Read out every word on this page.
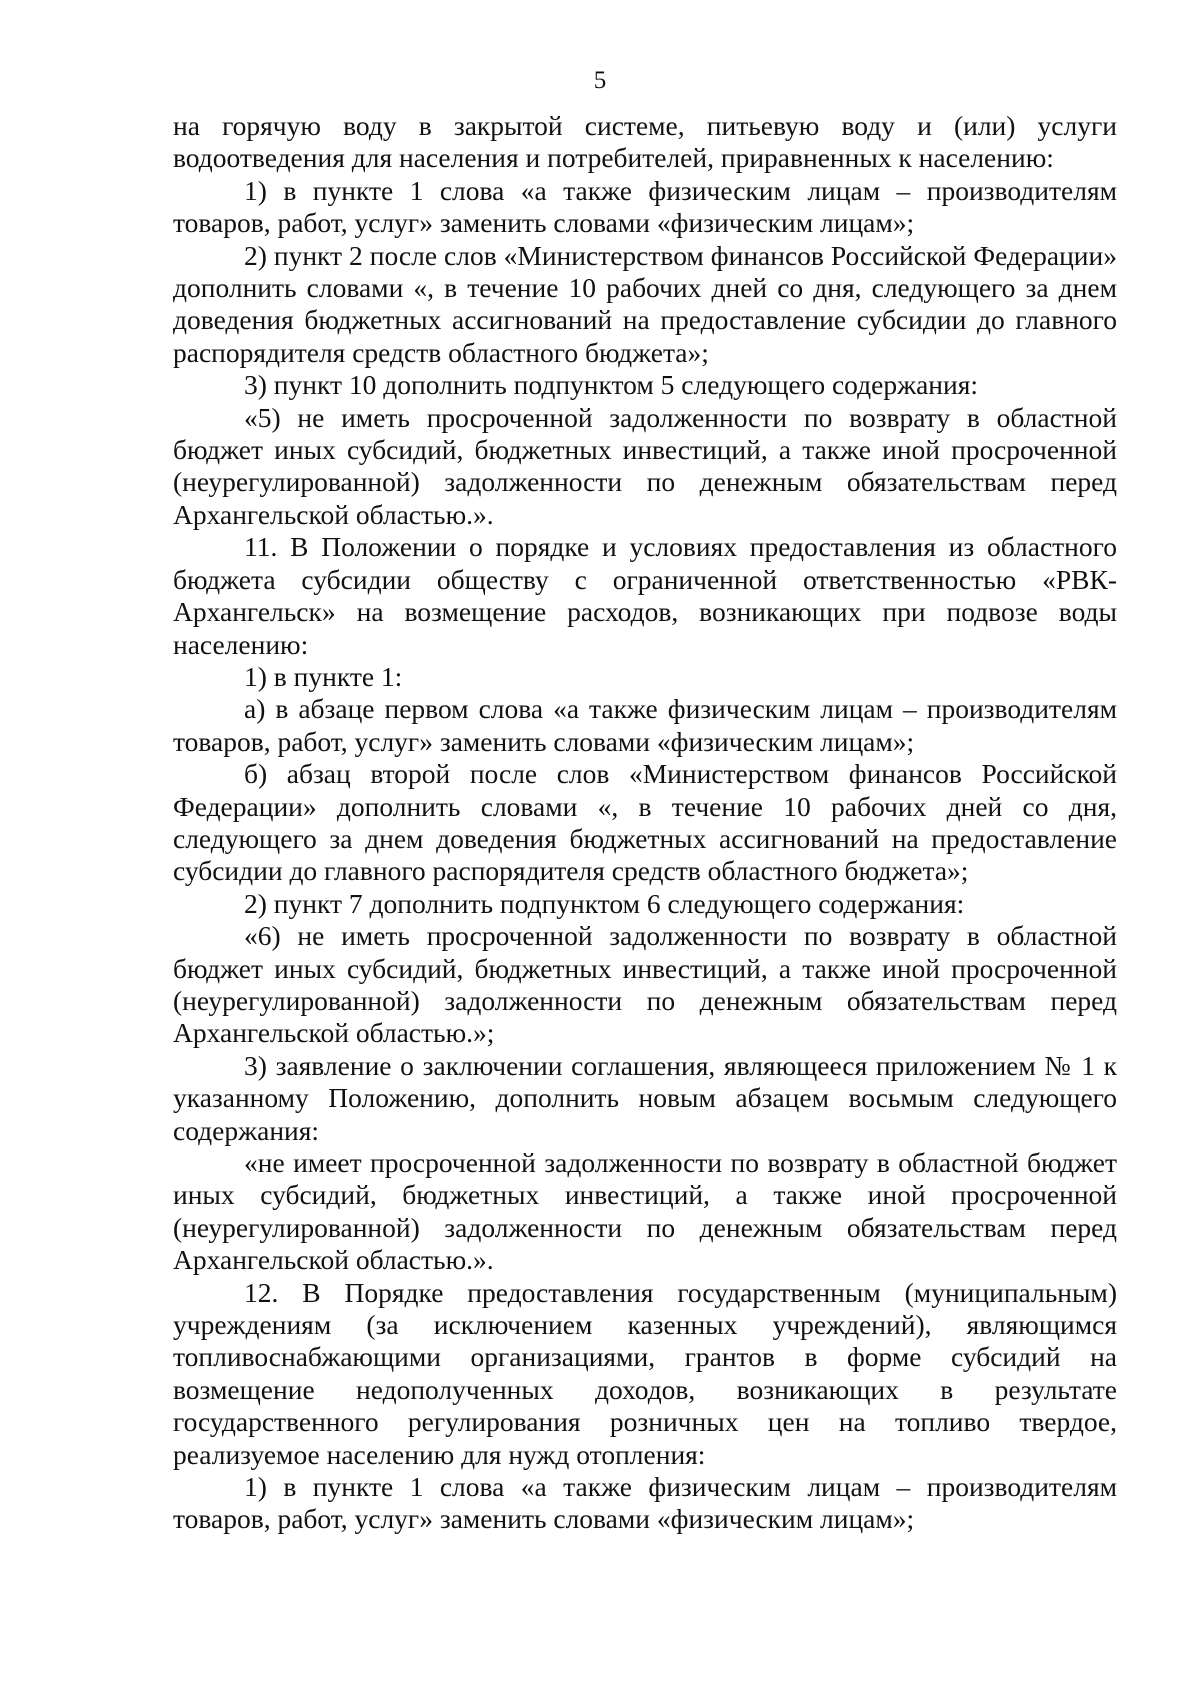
5

на горячую воду в закрытой системе, питьевую воду и (или) услуги водоотведения для населения и потребителей, приравненных к населению:

1) в пункте 1 слова «а также физическим лицам – производителям товаров, работ, услуг» заменить словами «физическим лицам»;

2) пункт 2 после слов «Министерством финансов Российской Федерации» дополнить словами «, в течение 10 рабочих дней со дня, следующего за днем доведения бюджетных ассигнований на предоставление субсидии до главного распорядителя средств областного бюджета»;

3) пункт 10 дополнить подпунктом 5 следующего содержания:

«5) не иметь просроченной задолженности по возврату в областной бюджет иных субсидий, бюджетных инвестиций, а также иной просроченной (неурегулированной) задолженности по денежным обязательствам перед Архангельской областью.».

11. В Положении о порядке и условиях предоставления из областного бюджета субсидии обществу с ограниченной ответственностью «РВК-Архангельск» на возмещение расходов, возникающих при подвозе воды населению:

1) в пункте 1:

а) в абзаце первом слова «а также физическим лицам – производителям товаров, работ, услуг» заменить словами «физическим лицам»;

б) абзац второй после слов «Министерством финансов Российской Федерации» дополнить словами «, в течение 10 рабочих дней со дня, следующего за днем доведения бюджетных ассигнований на предоставление субсидии до главного распорядителя средств областного бюджета»;

2) пункт 7 дополнить подпунктом 6 следующего содержания:

«6) не иметь просроченной задолженности по возврату в областной бюджет иных субсидий, бюджетных инвестиций, а также иной просроченной (неурегулированной) задолженности по денежным обязательствам перед Архангельской областью.»;

3) заявление о заключении соглашения, являющееся приложением № 1 к указанному Положению, дополнить новым абзацем восьмым следующего содержания:

«не имеет просроченной задолженности по возврату в областной бюджет иных субсидий, бюджетных инвестиций, а также иной просроченной (неурегулированной) задолженности по денежным обязательствам перед Архангельской областью.».

12. В Порядке предоставления государственным (муниципальным) учреждениям (за исключением казенных учреждений), являющимся топливоснабжающими организациями, грантов в форме субсидий на возмещение недополученных доходов, возникающих в результате государственного регулирования розничных цен на топливо твердое, реализуемое населению для нужд отопления:

1) в пункте 1 слова «а также физическим лицам – производителям товаров, работ, услуг» заменить словами «физическим лицам»;
